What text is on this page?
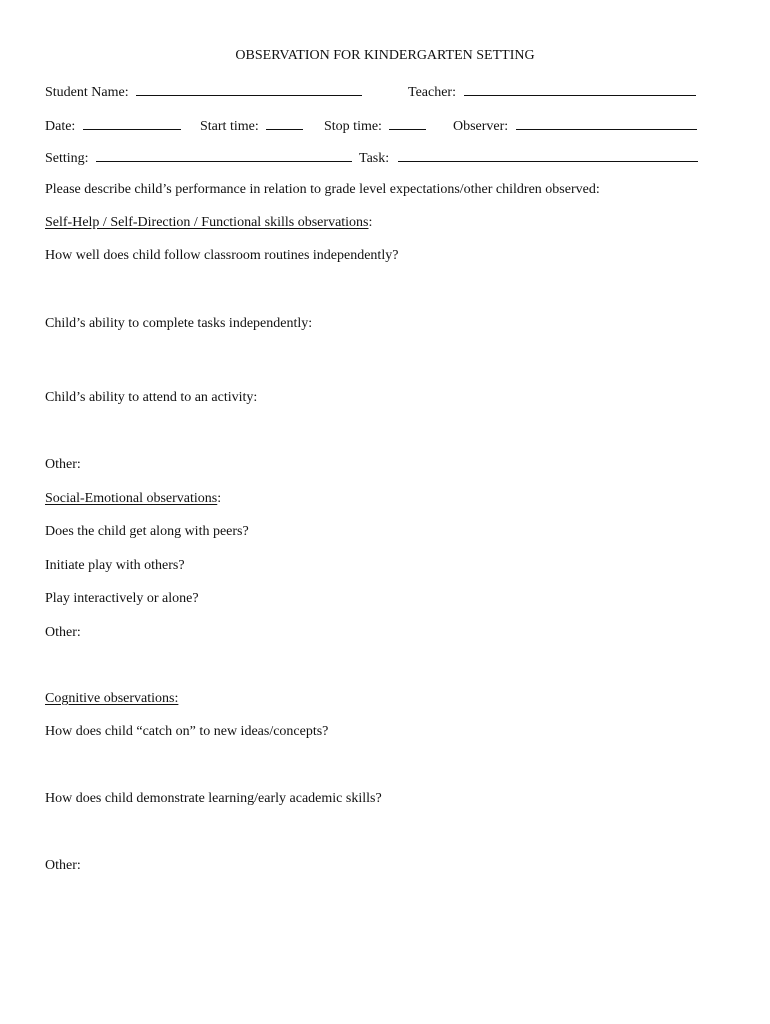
OBSERVATION FOR KINDERGARTEN SETTING
Student Name:	Teacher:
Date:	Start time:	Stop time:	Observer:
Setting:	Task:
Please describe child’s performance in relation to grade level expectations/other children observed:
Self-Help / Self-Direction / Functional skills observations:
How well does child follow classroom routines independently?
Child’s ability to complete tasks independently:
Child’s ability to attend to an activity:
Other:
Social-Emotional observations:
Does the child get along with peers?
Initiate play with others?
Play interactively or alone?
Other:
Cognitive observations:
How does child “catch on” to new ideas/concepts?
How does child demonstrate learning/early academic skills?
Other:
